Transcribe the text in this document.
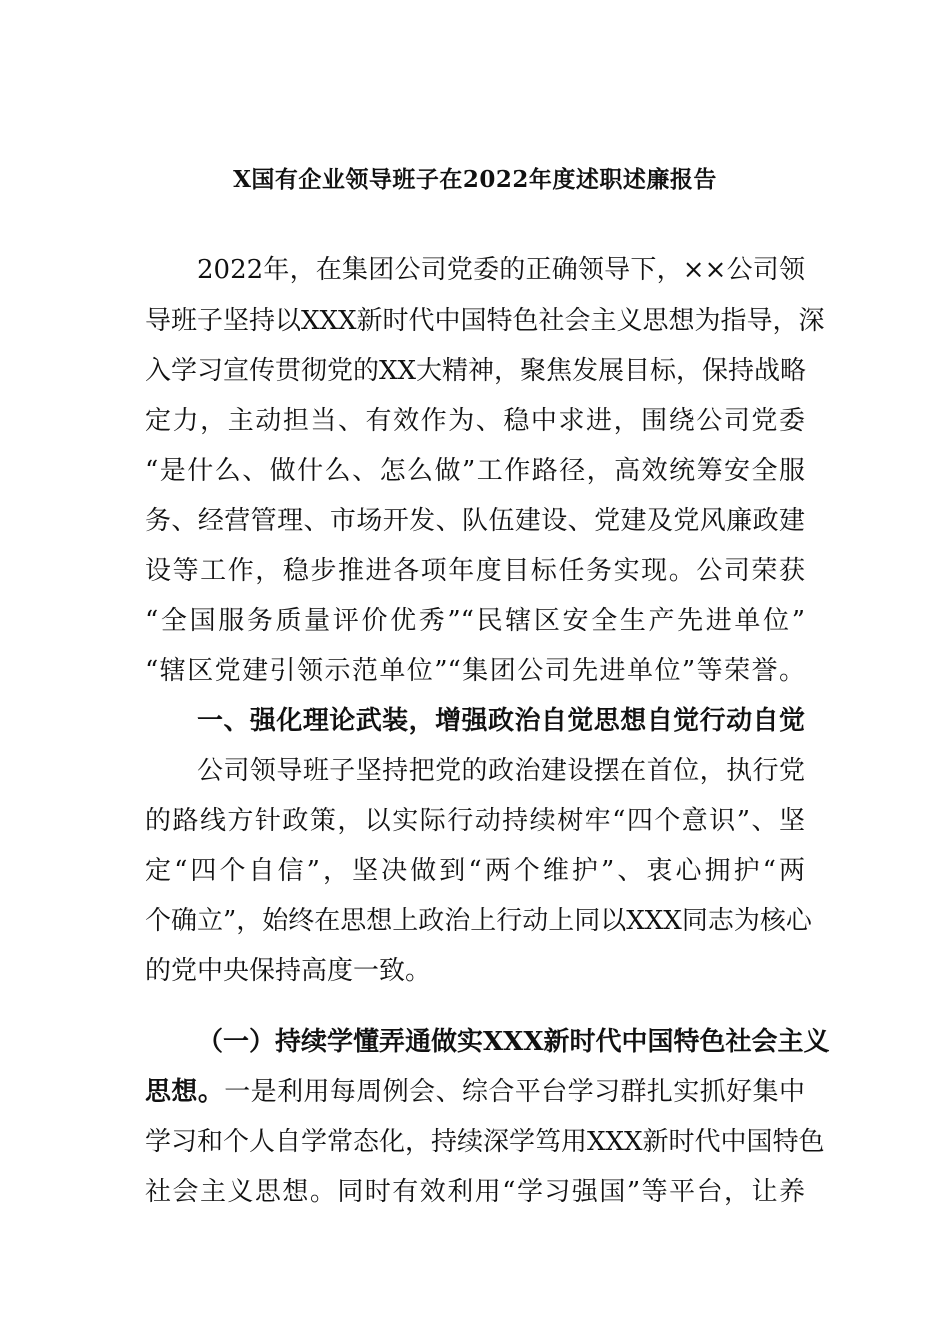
X国有企业领导班子在2022年度述职述廉报告
2022年，在集团公司党委的正确领导下，××公司领
导班子坚持以XXX新时代中国特色社会主义思想为指导，深
入学习宣传贯彻党的XX大精神，聚焦发展目标，保持战略
定力，主动担当、有效作为、稳中求进，围绕公司党委
“是什么、做什么、怎么做”工作路径，高效统筹安全服
务、经营管理、市场开发、队伍建设、党建及党风廉政建
设等工作，稳步推进各项年度目标任务实现。公司荣获
“全国服务质量评价优秀”“民辖区安全生产先进单位”
“辖区党建引领示范单位”“集团公司先进单位”等荣誉。
一、强化理论武装，增强政治自觉思想自觉行动自觉
公司领导班子坚持把党的政治建设摆在首位，执行党
的路线方针政策，以实际行动持续树牢“四个意识”、坚
定“四个自信”，坚决做到“两个维护”、衷心拥护“两
个确立”，始终在思想上政治上行动上同以XXX同志为核心
的党中央保持高度一致。
（一）持续学懂弄通做实XXX新时代中国特色社会主义
思想。一是利用每周例会、综合平台学习群扎实抓好集中
学习和个人自学常态化，持续深学笃用XXX新时代中国特色
社会主义思想。同时有效利用“学习强国”等平台，让养
